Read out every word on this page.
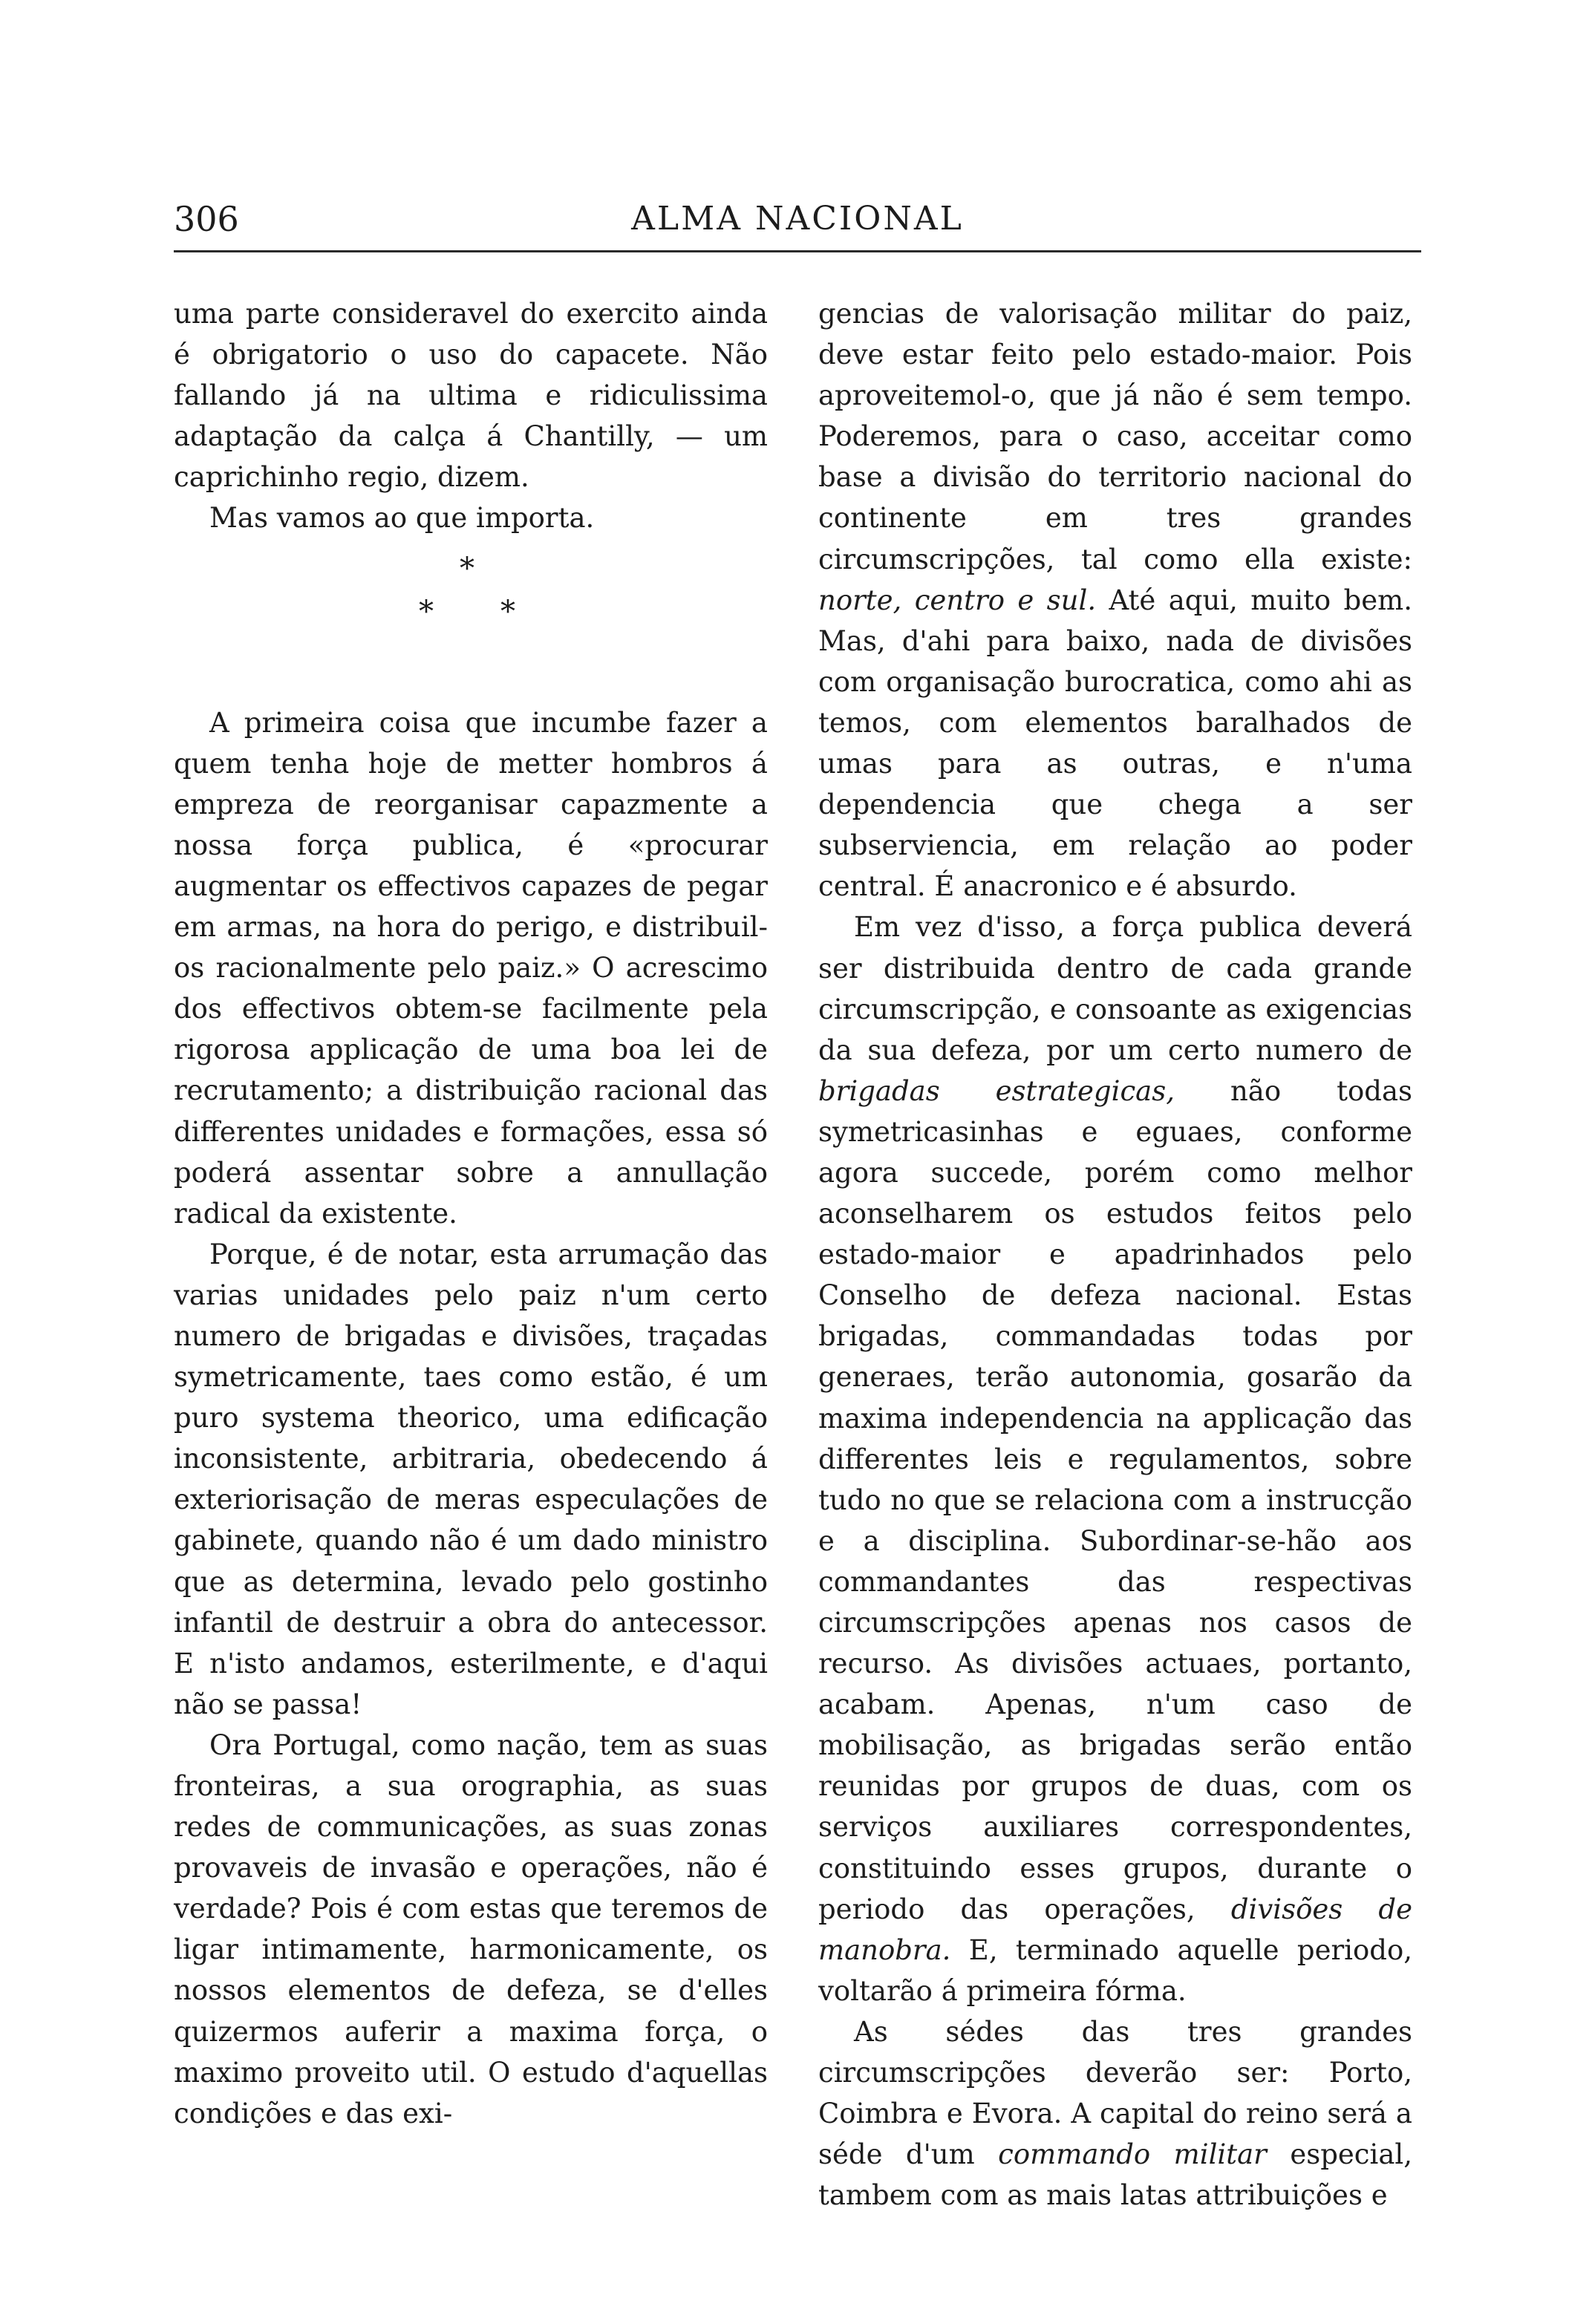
306	ALMA NACIONAL

uma parte consideravel do exercito ainda é obrigatorio o uso do capacete. Não fallando já na ultima e ridiculissima adaptação da calça á Chantilly, — um caprichinho regio, dizem.

Mas vamos ao que importa.

*
* *

A primeira coisa que incumbe fazer a quem tenha hoje de metter hombros á empreza de reorganisar capazmente a nossa força publica, é «procurar augmentar os effectivos capazes de pegar em armas, na hora do perigo, e distribuil-os racionalmente pelo paiz.» O acrescimo dos effectivos obtem-se facilmente pela rigorosa applicação de uma boa lei de recrutamento; a distribuição racional das differentes unidades e formações, essa só poderá assentar sobre a annullação radical da existente.

Porque, é de notar, esta arrumação das varias unidades pelo paiz n'um certo numero de brigadas e divisões, traçadas symetricamente, taes como estão, é um puro systema theorico, uma edificação inconsistente, arbitraria, obedecendo á exteriorisação de meras especulações de gabinete, quando não é um dado ministro que as determina, levado pelo gostinho infantil de destruir a obra do antecessor. E n'isto andamos, esterilmente, e d'aqui não se passa!

Ora Portugal, como nação, tem as suas fronteiras, a sua orographia, as suas redes de communicações, as suas zonas provaveis de invasão e operações, não é verdade? Pois é com estas que teremos de ligar intimamente, harmonicamente, os nossos elementos de defeza, se d'elles quizermos auferir a maxima força, o maximo proveito util. O estudo d'aquellas condições e das exi-

gencias de valorisação militar do paiz, deve estar feito pelo estado-maior. Pois aproveitemol-o, que já não é sem tempo. Poderemos, para o caso, acceitar como base a divisão do territorio nacional do continente em tres grandes circumscripções, tal como ella existe: norte, centro e sul. Até aqui, muito bem. Mas, d'ahi para baixo, nada de divisões com organisação burocratica, como ahi as temos, com elementos baralhados de umas para as outras, e n'uma dependencia que chega a ser subserviencia, em relação ao poder central. É anacronico e é absurdo.

Em vez d'isso, a força publica deverá ser distribuida dentro de cada grande circumscripção, e consoante as exigencias da sua defeza, por um certo numero de brigadas estrategicas, não todas symetricasinhas e eguaes, conforme agora succede, porém como melhor aconselharem os estudos feitos pelo estado-maior e apadrinhados pelo Conselho de defeza nacional. Estas brigadas, commandadas todas por generaes, terão autonomia, gosarão da maxima independencia na applicação das differentes leis e regulamentos, sobre tudo no que se relaciona com a instrucção e a disciplina. Subordinar-se-hão aos commandantes das respectivas circumscripções apenas nos casos de recurso. As divisões actuaes, portanto, acabam. Apenas, n'um caso de mobilisação, as brigadas serão então reunidas por grupos de duas, com os serviços auxiliares correspondentes, constituindo esses grupos, durante o periodo das operações, divisões de manobra. E, terminado aquelle periodo, voltarão á primeira fórma.

As sédes das tres grandes circumscripções deverão ser: Porto, Coimbra e Evora. A capital do reino será a séde d'um commando militar especial, tambem com as mais latas attribuições e
